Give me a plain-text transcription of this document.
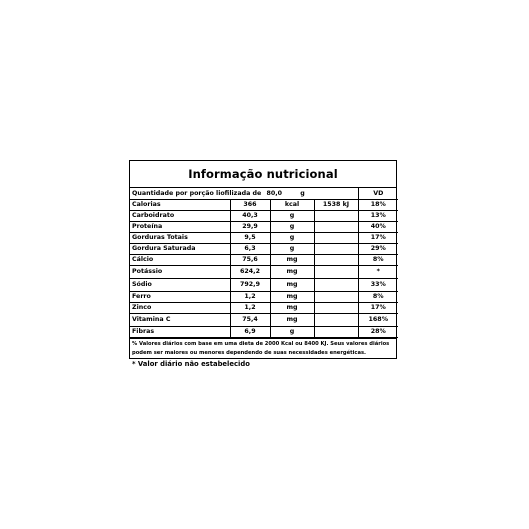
Informação nutricional
Quantidade por porção liofilizada de 80,0 g				VD
Calorias	366	kcal	1538 kJ	18%
Carboidrato	40,3	g		13%
Proteína	29,9	g		40%
Gorduras Totais	9,5	g		17%
Gordura Saturada	6,3	g		29%
Cálcio	75,6	mg		8%
Potássio	624,2	mg		*
Sódio	792,9	mg		33%
Ferro	1,2	mg		8%
Zinco	1,2	mg		17%
Vitamina C	75,4	mg		168%
Fibras	6,9	g		28%
% Valores diários com base em uma dieta de 2000 Kcal ou 8400 KJ. Seus valores diários podem ser maiores ou menores dependendo de suas necessidades energéticas.
* Valor diário não estabelecido
